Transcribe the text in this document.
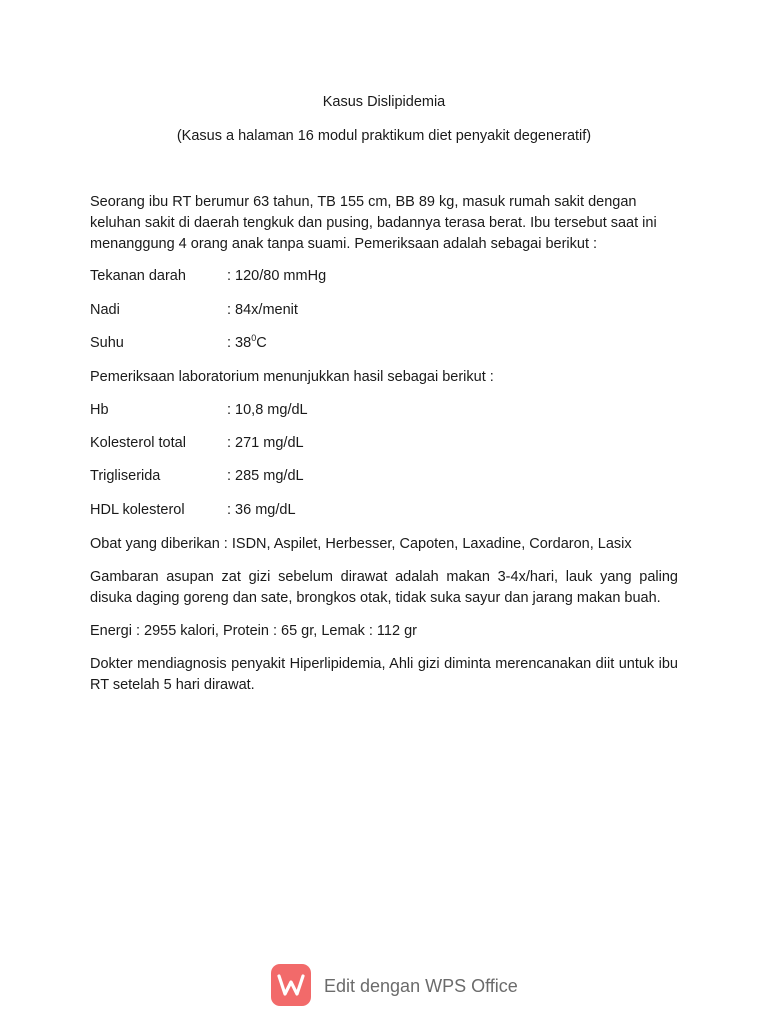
Kasus Dislipidemia
(Kasus a halaman 16 modul praktikum diet penyakit degeneratif)

Seorang ibu RT berumur 63 tahun, TB 155 cm, BB 89 kg, masuk rumah sakit dengan keluhan sakit di daerah tengkuk dan pusing, badannya terasa berat. Ibu tersebut saat ini menanggung 4 orang anak tanpa suami. Pemeriksaan adalah sebagai berikut :

Tekanan darah	: 120/80 mmHg
Nadi	: 84x/menit
Suhu	: $38^0C$

Pemeriksaan laboratorium menunjukkan hasil sebagai berikut :

Hb	: 10,8 mg/dL
Kolesterol total	: 271 mg/dL
Trigliserida	: 285 mg/dL
HDL kolesterol	: 36 mg/dL

Obat yang diberikan : ISDN, Aspilet, Herbesser, Capoten, Laxadine, Cordaron, Lasix

Gambaran asupan zat gizi sebelum dirawat adalah makan 3-4x/hari, lauk yang paling disuka daging goreng dan sate, brongkos otak, tidak suka sayur dan jarang makan buah.

Energi : 2955 kalori, Protein : 65 gr, Lemak : 112 gr

Dokter mendiagnosis penyakit Hiperlipidemia, Ahli gizi diminta merencanakan diit untuk ibu RT setelah 5 hari dirawat.

Edit dengan WPS Office
